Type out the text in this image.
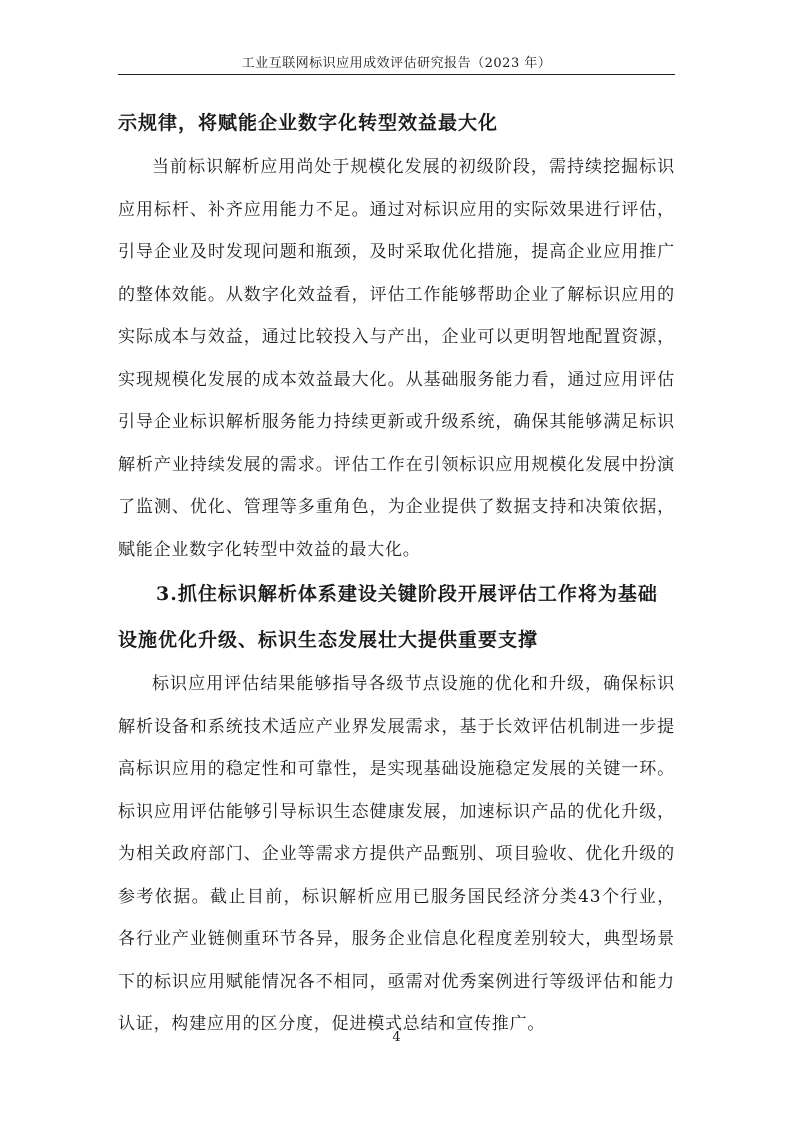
工业互联网标识应用成效评估研究报告（2023 年）

示规律，将赋能企业数字化转型效益最大化

当前标识解析应用尚处于规模化发展的初级阶段，需持续挖掘标识应用标杆、补齐应用能力不足。通过对标识应用的实际效果进行评估，引导企业及时发现问题和瓶颈，及时采取优化措施，提高企业应用推广的整体效能。从数字化效益看，评估工作能够帮助企业了解标识应用的实际成本与效益，通过比较投入与产出，企业可以更明智地配置资源，实现规模化发展的成本效益最大化。从基础服务能力看，通过应用评估引导企业标识解析服务能力持续更新或升级系统，确保其能够满足标识解析产业持续发展的需求。评估工作在引领标识应用规模化发展中扮演了监测、优化、管理等多重角色，为企业提供了数据支持和决策依据，赋能企业数字化转型中效益的最大化。

3.抓住标识解析体系建设关键阶段开展评估工作将为基础设施优化升级、标识生态发展壮大提供重要支撑

标识应用评估结果能够指导各级节点设施的优化和升级，确保标识解析设备和系统技术适应产业界发展需求，基于长效评估机制进一步提高标识应用的稳定性和可靠性，是实现基础设施稳定发展的关键一环。标识应用评估能够引导标识生态健康发展，加速标识产品的优化升级，为相关政府部门、企业等需求方提供产品甄别、项目验收、优化升级的参考依据。截止目前，标识解析应用已服务国民经济分类43个行业，各行业产业链侧重环节各异，服务企业信息化程度差别较大，典型场景下的标识应用赋能情况各不相同，亟需对优秀案例进行等级评估和能力认证，构建应用的区分度，促进模式总结和宣传推广。

4
